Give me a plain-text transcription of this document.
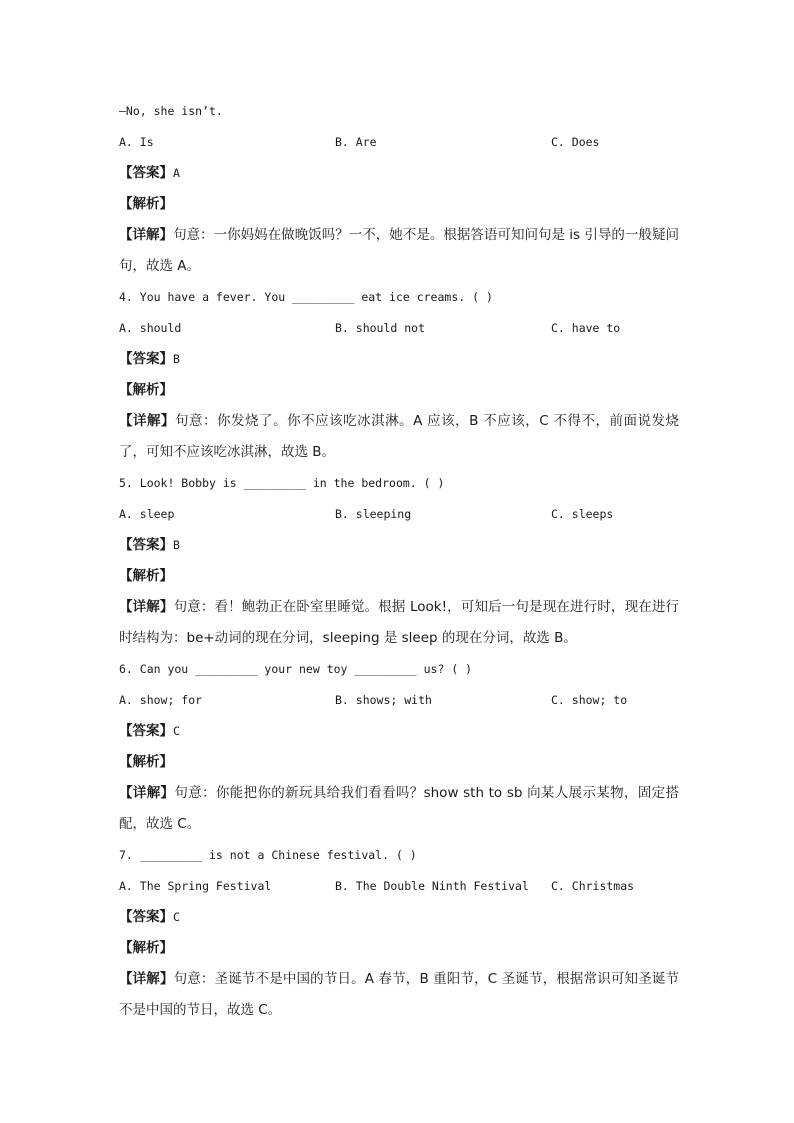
—No, she isn’t.
A. Is	B. Are	C. Does
【答案】A
【解析】
【详解】句意：一你妈妈在做晚饭吗？一不，她不是。根据答语可知问句是 is 引导的一般疑问句，故选 A。
4. You have a fever. You _________ eat ice creams. ( )
A. should	B. should not	C. have to
【答案】B
【解析】
【详解】句意：你发烧了。你不应该吃冰淇淋。A 应该，B 不应该，C 不得不，前面说发烧了，可知不应该吃冰淇淋，故选 B。
5. Look! Bobby is _________ in the bedroom. ( )
A. sleep	B. sleeping	C. sleeps
【答案】B
【解析】
【详解】句意：看！鲍勃正在卧室里睡觉。根据 Look!，可知后一句是现在进行时，现在进行时结构为：be+动词的现在分词，sleeping 是 sleep 的现在分词，故选 B。
6. Can you _________ your new toy _________ us? ( )
A. show; for	B. shows; with	C. show; to
【答案】C
【解析】
【详解】句意：你能把你的新玩具给我们看看吗？show sth to sb 向某人展示某物，固定搭配，故选 C。
7. _________ is not a Chinese festival. ( )
A. The Spring Festival	B. The Double Ninth Festival	C. Christmas
【答案】C
【解析】
【详解】句意：圣诞节不是中国的节日。A 春节，B 重阳节，C 圣诞节，根据常识可知圣诞节不是中国的节日，故选 C。
